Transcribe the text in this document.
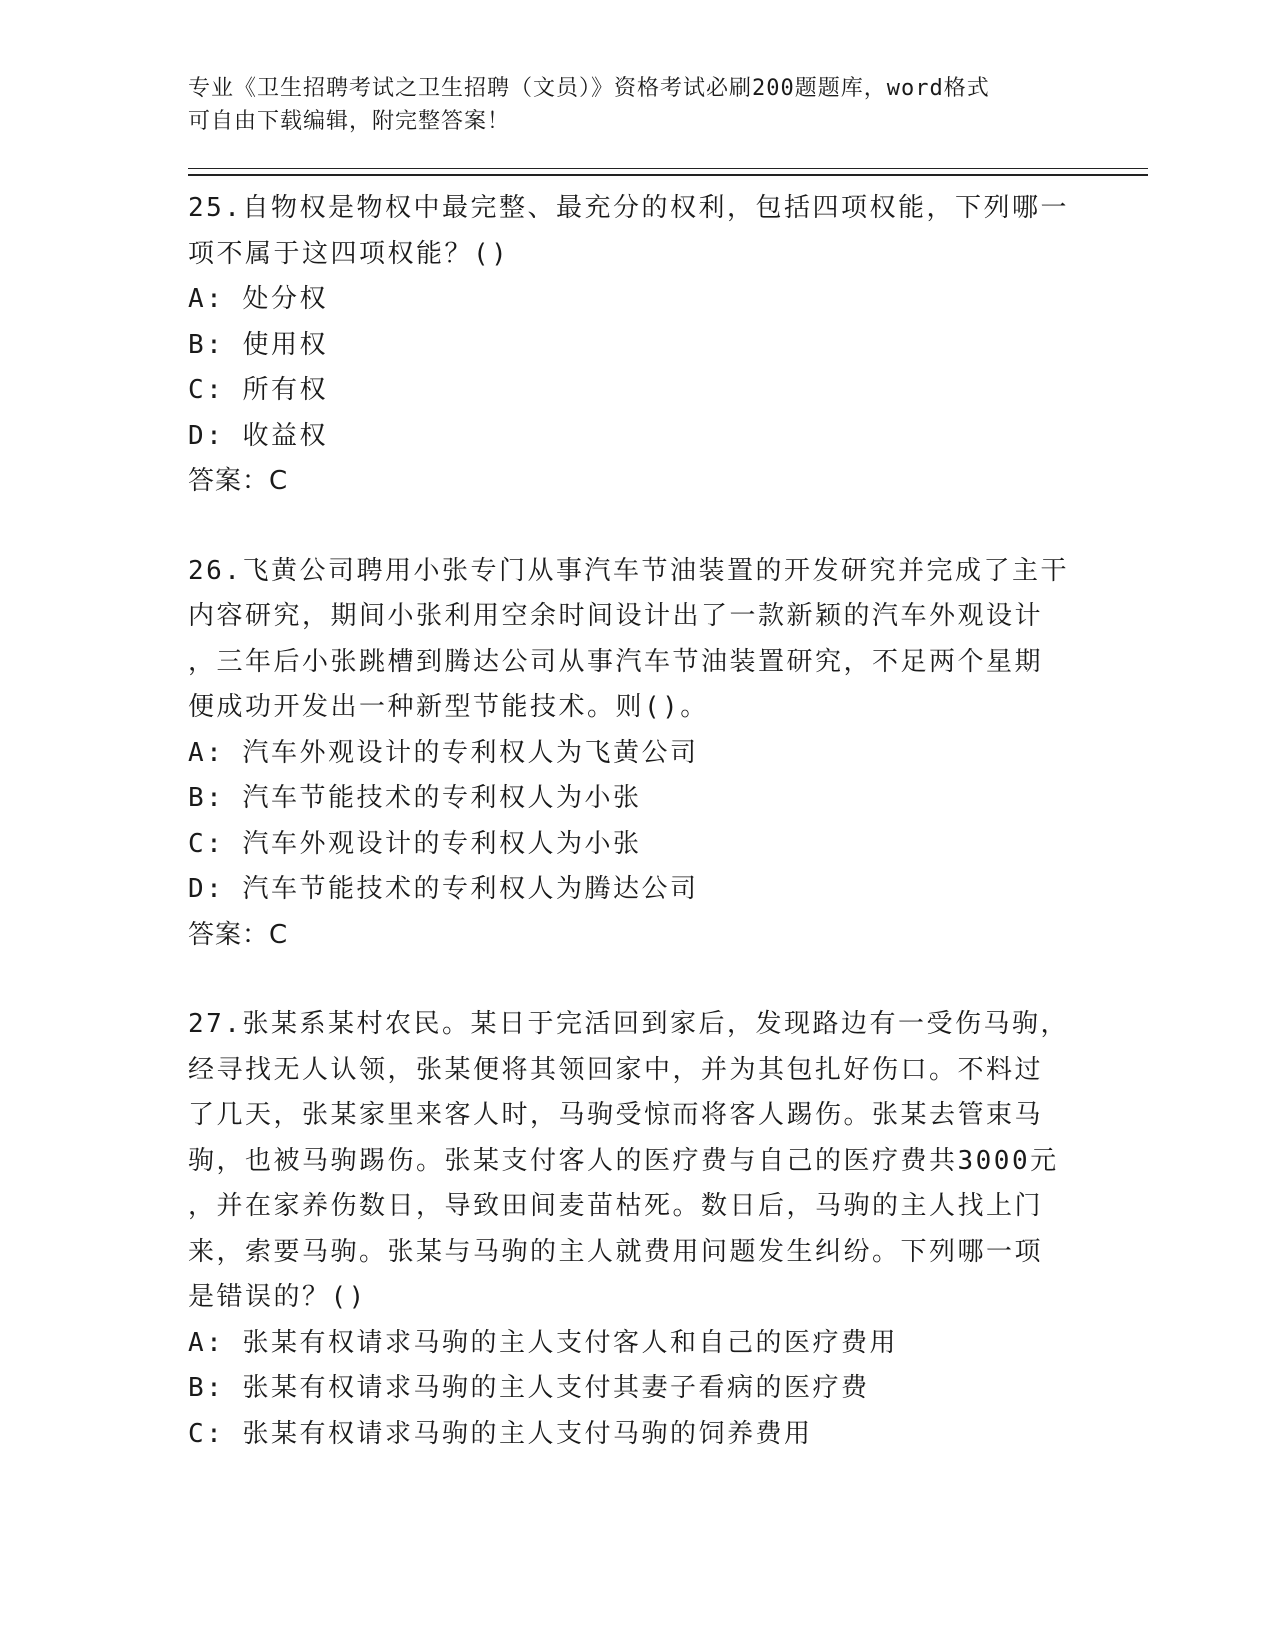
专业《卫生招聘考试之卫生招聘（文员）》资格考试必刷200题题库，word格式
可自由下载编辑，附完整答案！
25.自物权是物权中最完整、最充分的权利，包括四项权能，下列哪一
项不属于这四项权能？()
A: 处分权
B: 使用权
C: 所有权
D: 收益权
答案：C
26.飞黄公司聘用小张专门从事汽车节油装置的开发研究并完成了主干
内容研究，期间小张利用空余时间设计出了一款新颖的汽车外观设计
，三年后小张跳槽到腾达公司从事汽车节油装置研究，不足两个星期
便成功开发出一种新型节能技术。则()。
A: 汽车外观设计的专利权人为飞黄公司
B: 汽车节能技术的专利权人为小张
C: 汽车外观设计的专利权人为小张
D: 汽车节能技术的专利权人为腾达公司
答案：C
27.张某系某村农民。某日于完活回到家后，发现路边有一受伤马驹，
经寻找无人认领，张某便将其领回家中，并为其包扎好伤口。不料过
了几天，张某家里来客人时，马驹受惊而将客人踢伤。张某去管束马
驹，也被马驹踢伤。张某支付客人的医疗费与自己的医疗费共3000元
，并在家养伤数日，导致田间麦苗枯死。数日后，马驹的主人找上门
来，索要马驹。张某与马驹的主人就费用问题发生纠纷。下列哪一项
是错误的？()
A: 张某有权请求马驹的主人支付客人和自己的医疗费用
B: 张某有权请求马驹的主人支付其妻子看病的医疗费
C: 张某有权请求马驹的主人支付马驹的饲养费用
